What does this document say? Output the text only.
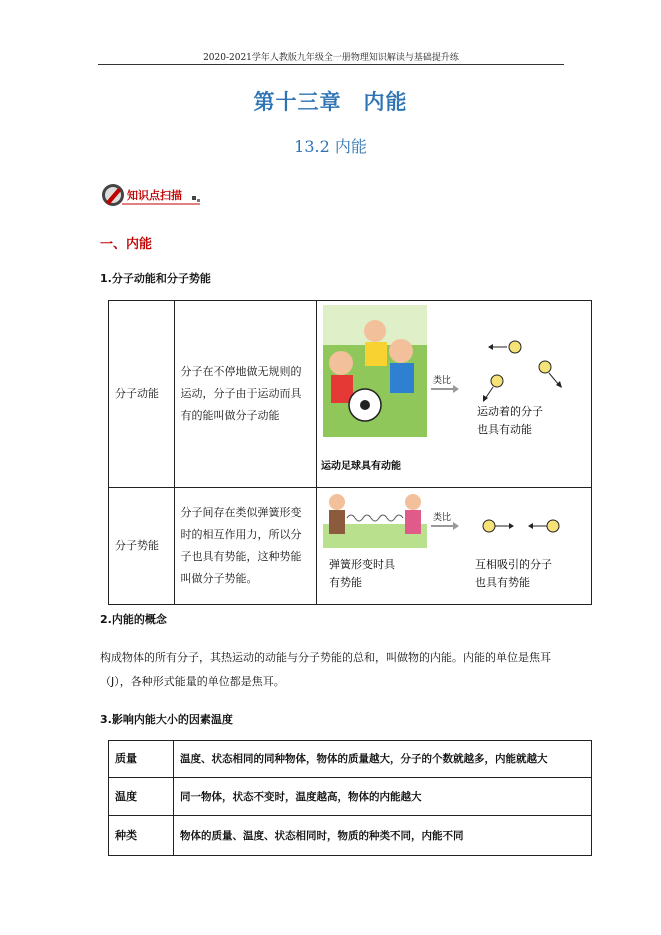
2020-2021学年人教版九年级全一册物理知识解读与基础提升练
第十三章　内能
13.2 内能
知识点扫描
一、内能
1.分子动能和分子势能
分子动能	分子在不停地做无规则的运动，分子由于运动而具有的能叫做分子动能	运动足球具有动能
类比
运动着的分子
也具有动能

分子势能	分子间存在类似弹簧形变时的相互作用力，所以分子也具有势能，这种势能叫做分子势能。	弹簧形变时具
有势能
类比
互相吸引的分子
也具有势能
2.内能的概念
构成物体的所有分子，其热运动的动能与分子势能的总和，叫做物的内能。内能的单位是焦耳（J），各种形式能量的单位都是焦耳。
3.影响内能大小的因素温度
质量	温度、状态相同的同种物体，物体的质量越大，分子的个数就越多，内能就越大
温度	同一物体，状态不变时，温度越高，物体的内能越大
种类	物体的质量、温度、状态相同时，物质的种类不同，内能不同
